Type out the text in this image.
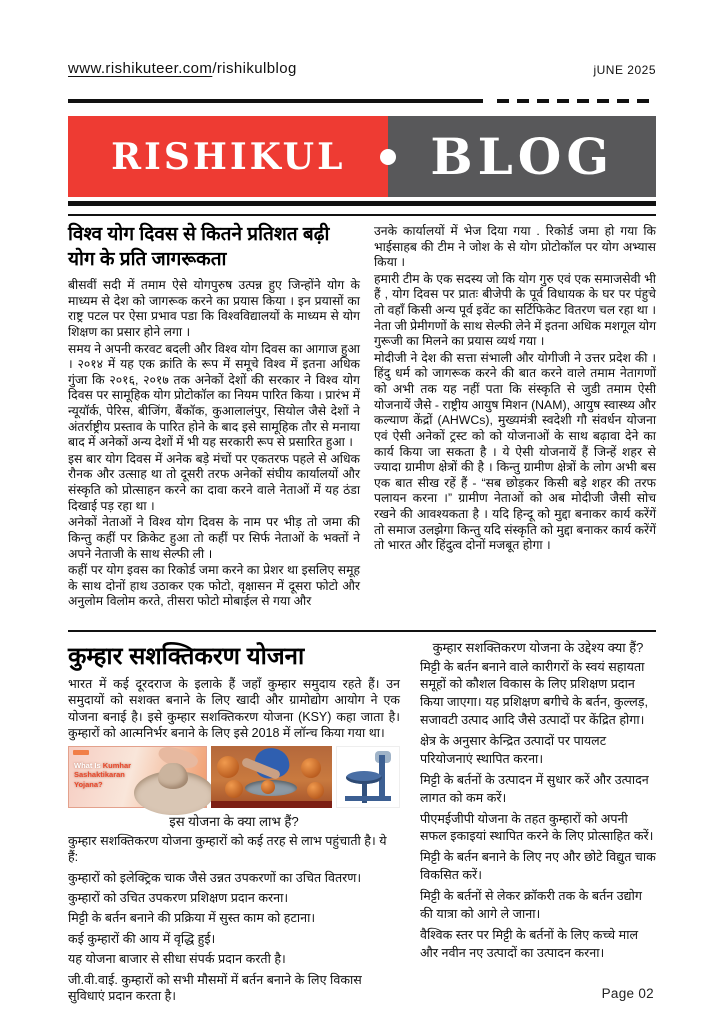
www.rishikuteer.com/rishikulblog	jUNE 2025
RISHIKUL BLOG
विश्व योग दिवस से कितने प्रतिशत बढ़ी योग के प्रति जागरूकता

बीसवीं सदी में तमाम ऐसे योगपुरुष उत्पन्न हुए जिन्होंने योग के माध्यम से देश को जागरूक करने का प्रयास किया । इन प्रयासों का राष्ट्र पटल पर ऐसा प्रभाव पडा कि विश्वविद्यालयों के माध्यम से योग शिक्षण का प्रसार होने लगा ।

समय ने अपनी करवट बदली और विश्व योग दिवस का आगाज हुआ । २०१४ में यह एक क्रांति के रूप में समूचे विश्व में इतना अधिक गुंजा कि २०१६, २०१७ तक अनेकों देशों की सरकार ने विश्व योग दिवस पर सामूहिक योग प्रोटोकॉल का नियम पारित किया । प्रारंभ में न्यूयॉर्क, पेरिस, बीजिंग, बैंकॉक, कुआलालंपुर, सियोल जैसे देशों ने अंतर्राष्ट्रीय प्रस्ताव के पारित होने के बाद इसे सामूहिक तौर से मनाया बाद में अनेकों अन्य देशों में भी यह सरकारी रूप से प्रसारित हुआ ।

इस बार योग दिवस में अनेक बड़े मंचों पर एकतरफ पहले से अधिक रौनक और उत्साह था तो दूसरी तरफ अनेकों संघीय कार्यालयों और संस्कृति को प्रोत्साहन करने का दावा करने वाले नेताओं में यह ठंडा दिखाई पड़ रहा था ।

अनेकों नेताओं ने विश्व योग दिवस के नाम पर भीड़ तो जमा की किन्तु कहीं पर क्रिकेट हुआ तो कहीं पर सिर्फ नेताओं के भक्तों ने अपने नेताजी के साथ सेल्फी ली ।

कहीं पर योग इवस का रिकोर्ड जमा करने का प्रेशर था इसलिए समूह के साथ दोनों हाथ उठाकर एक फोटो, वृक्षासन में दूसरा फोटो और अनुलोम विलोम करते, तीसरा फोटो मोबाईल से गया और

उनके कार्यालयों में भेज दिया गया . रिकोर्ड जमा हो गया कि भाईसाहब की टीम ने जोश के से योग प्रोटोकॉल पर योग अभ्यास किया ।

हमारी टीम के एक सदस्य जो कि योग गुरु एवं एक समाजसेवी भी हैं , योग दिवस पर प्रातः बीजेपी के पूर्व विधायक के घर पर पंहुचे तो वहाँ किसी अन्य पूर्व इवेंट का सर्टिफिकेट वितरण चल रहा था । नेता जी प्रेमीगणों के साथ सेल्फी लेने में इतना अधिक मशगूल योग गुरूजी का मिलने का प्रयास व्यर्थ गया ।

मोदीजी ने देश की सत्ता संभाली और योगीजी ने उत्तर प्रदेश की । हिंदु धर्म को जागरूक करने की बात करने वाले तमाम नेतागणों को अभी तक यह नहीं पता कि संस्कृति से जुडी तमाम ऐसी योजनायें जैसे - राष्ट्रीय आयुष मिशन (NAM), आयुष स्वास्थ्य और कल्याण केंद्रों (AHWCs), मुख्यमंत्री स्वदेशी गौ संवर्धन योजना एवं ऐसी अनेकों ट्रस्ट को को योजनाओं के साथ बढ़ावा देने का कार्य किया जा सकता है । ये ऐसी योजनायें हैं जिन्हें शहर से ज्यादा ग्रामीण क्षेत्रों की है । किन्तु ग्रामीण क्षेत्रों के लोग अभी बस एक बात सीख रहें हैं - “सब छोड़कर किसी बड़े शहर की तरफ पलायन करना ।” ग्रामीण नेताओं को अब मोदीजी जैसी सोच रखने की आवश्यकता है । यदि हिन्दू को मुद्दा बनाकर कार्य करेंगें तो समाज उलझेगा किन्तु यदि संस्कृति को मुद्दा बनाकर कार्य करेंगें तो भारत और हिंदुत्व दोनों मजबूत होगा ।

कुम्हार सशक्तिकरण योजना

भारत में कई दूरदराज के इलाके हैं जहाँ कुम्हार समुदाय रहते हैं। उन समुदायों को सशक्त बनाने के लिए खादी और ग्रामोद्योग आयोग ने एक योजना बनाई है। इसे कुम्हार सशक्तिकरण योजना (KSY) कहा जाता है। कुम्हारों को आत्मनिर्भर बनाने के लिए इसे 2018 में लॉन्च किया गया था।

What Is Kumhar
Sashaktikaran
Yojana?

इस योजना के क्या लाभ हैं?

कुम्हार सशक्तिकरण योजना कुम्हारों को कई तरह से लाभ पहुंचाती है। ये हैं:

कुम्हारों को इलेक्ट्रिक चाक जैसे उन्नत उपकरणों का उचित वितरण।

कुम्हारों को उचित उपकरण प्रशिक्षण प्रदान करना।

मिट्टी के बर्तन बनाने की प्रक्रिया में सुस्त काम को हटाना।

कई कुम्हारों की आय में वृद्धि हुई।

यह योजना बाजार से सीधा संपर्क प्रदान करती है।

जी.वी.वाई. कुम्हारों को सभी मौसमों में बर्तन बनाने के लिए विकास सुविधाएं प्रदान करता है।

कुम्हार सशक्तिकरण योजना के उद्देश्य क्या हैं?

मिट्टी के बर्तन बनाने वाले कारीगरों के स्वयं सहायता समूहों को कौशल विकास के लिए प्रशिक्षण प्रदान किया जाएगा। यह प्रशिक्षण बगीचे के बर्तन, कुल्लड़, सजावटी उत्पाद आदि जैसे उत्पादों पर केंद्रित होगा।

क्षेत्र के अनुसार केन्द्रित उत्पादों पर पायलट परियोजनाएं स्थापित करना।

मिट्टी के बर्तनों के उत्पादन में सुधार करें और उत्पादन लागत को कम करें।

पीएमईजीपी योजना के तहत कुम्हारों को अपनी सफल इकाइयां स्थापित करने के लिए प्रोत्साहित करें।

मिट्टी के बर्तन बनाने के लिए नए और छोटे विद्युत चाक विकसित करें।

मिट्टी के बर्तनों से लेकर क्रॉकरी तक के बर्तन उद्योग की यात्रा को आगे ले जाना।

वैश्विक स्तर पर मिट्टी के बर्तनों के लिए कच्चे माल और नवीन नए उत्पादों का उत्पादन करना।

Page 02
